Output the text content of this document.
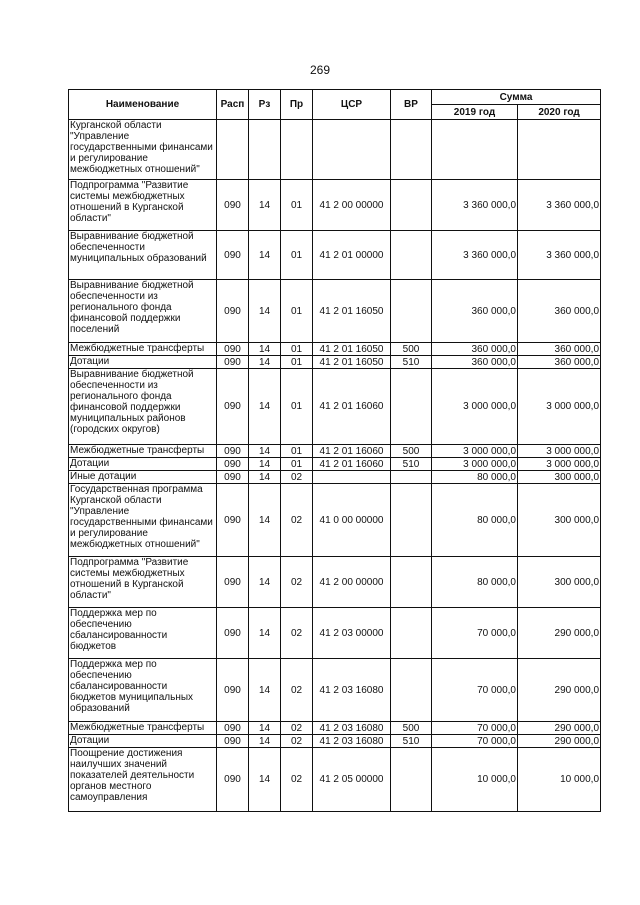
269
Наименование	Расп	Рз	Пр	ЦСР	ВР	Сумма	
						2019 год	2020 год
Курганской области "Управление государственными финансами и регулирование межбюджетных отношений"							
Подпрограмма "Развитие системы межбюджетных отношений в Курганской области"	090	14	01	41 2 00 00000		3 360 000,0	3 360 000,0
Выравнивание бюджетной обеспеченности муниципальных образований	090	14	01	41 2 01 00000		3 360 000,0	3 360 000,0
Выравнивание бюджетной обеспеченности из регионального фонда финансовой поддержки поселений	090	14	01	41 2 01 16050		360 000,0	360 000,0
Межбюджетные трансферты	090	14	01	41 2 01 16050	500	360 000,0	360 000,0
Дотации	090	14	01	41 2 01 16050	510	360 000,0	360 000,0
Выравнивание бюджетной обеспеченности из регионального фонда финансовой поддержки муниципальных районов (городских округов)	090	14	01	41 2 01 16060		3 000 000,0	3 000 000,0
Межбюджетные трансферты	090	14	01	41 2 01 16060	500	3 000 000,0	3 000 000,0
Дотации	090	14	01	41 2 01 16060	510	3 000 000,0	3 000 000,0
Иные дотации	090	14	02			80 000,0	300 000,0
Государственная программа Курганской области "Управление государственными финансами и регулирование межбюджетных отношений"	090	14	02	41 0 00 00000		80 000,0	300 000,0
Подпрограмма "Развитие системы межбюджетных отношений в Курганской области"	090	14	02	41 2 00 00000		80 000,0	300 000,0
Поддержка мер по обеспечению сбалансированности бюджетов	090	14	02	41 2 03 00000		70 000,0	290 000,0
Поддержка мер по обеспечению сбалансированности бюджетов муниципальных образований	090	14	02	41 2 03 16080		70 000,0	290 000,0
Межбюджетные трансферты	090	14	02	41 2 03 16080	500	70 000,0	290 000,0
Дотации	090	14	02	41 2 03 16080	510	70 000,0	290 000,0
Поощрение достижения наилучших значений показателей деятельности органов местного самоуправления	090	14	02	41 2 05 00000		10 000,0	10 000,0
